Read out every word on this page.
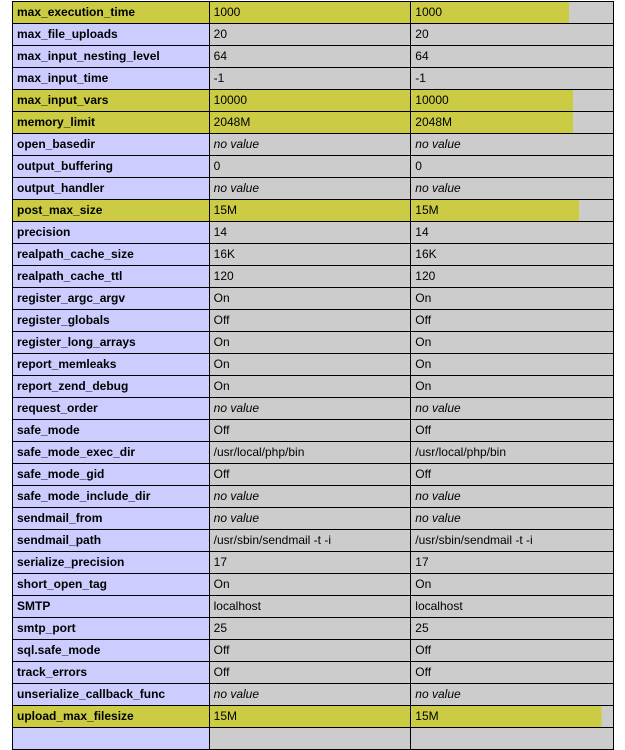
max_execution_time	1000	1000
max_file_uploads	20	20
max_input_nesting_level	64	64
max_input_time	-1	-1
max_input_vars	10000	10000
memory_limit	2048M	2048M
open_basedir	no value	no value
output_buffering	0	0
output_handler	no value	no value
post_max_size	15M	15M
precision	14	14
realpath_cache_size	16K	16K
realpath_cache_ttl	120	120
register_argc_argv	On	On
register_globals	Off	Off
register_long_arrays	On	On
report_memleaks	On	On
report_zend_debug	On	On
request_order	no value	no value
safe_mode	Off	Off
safe_mode_exec_dir	/usr/local/php/bin	/usr/local/php/bin
safe_mode_gid	Off	Off
safe_mode_include_dir	no value	no value
sendmail_from	no value	no value
sendmail_path	/usr/sbin/sendmail -t -i	/usr/sbin/sendmail -t -i
serialize_precision	17	17
short_open_tag	On	On
SMTP	localhost	localhost
smtp_port	25	25
sql.safe_mode	Off	Off
track_errors	Off	Off
unserialize_callback_func	no value	no value
upload_max_filesize	15M	15M
